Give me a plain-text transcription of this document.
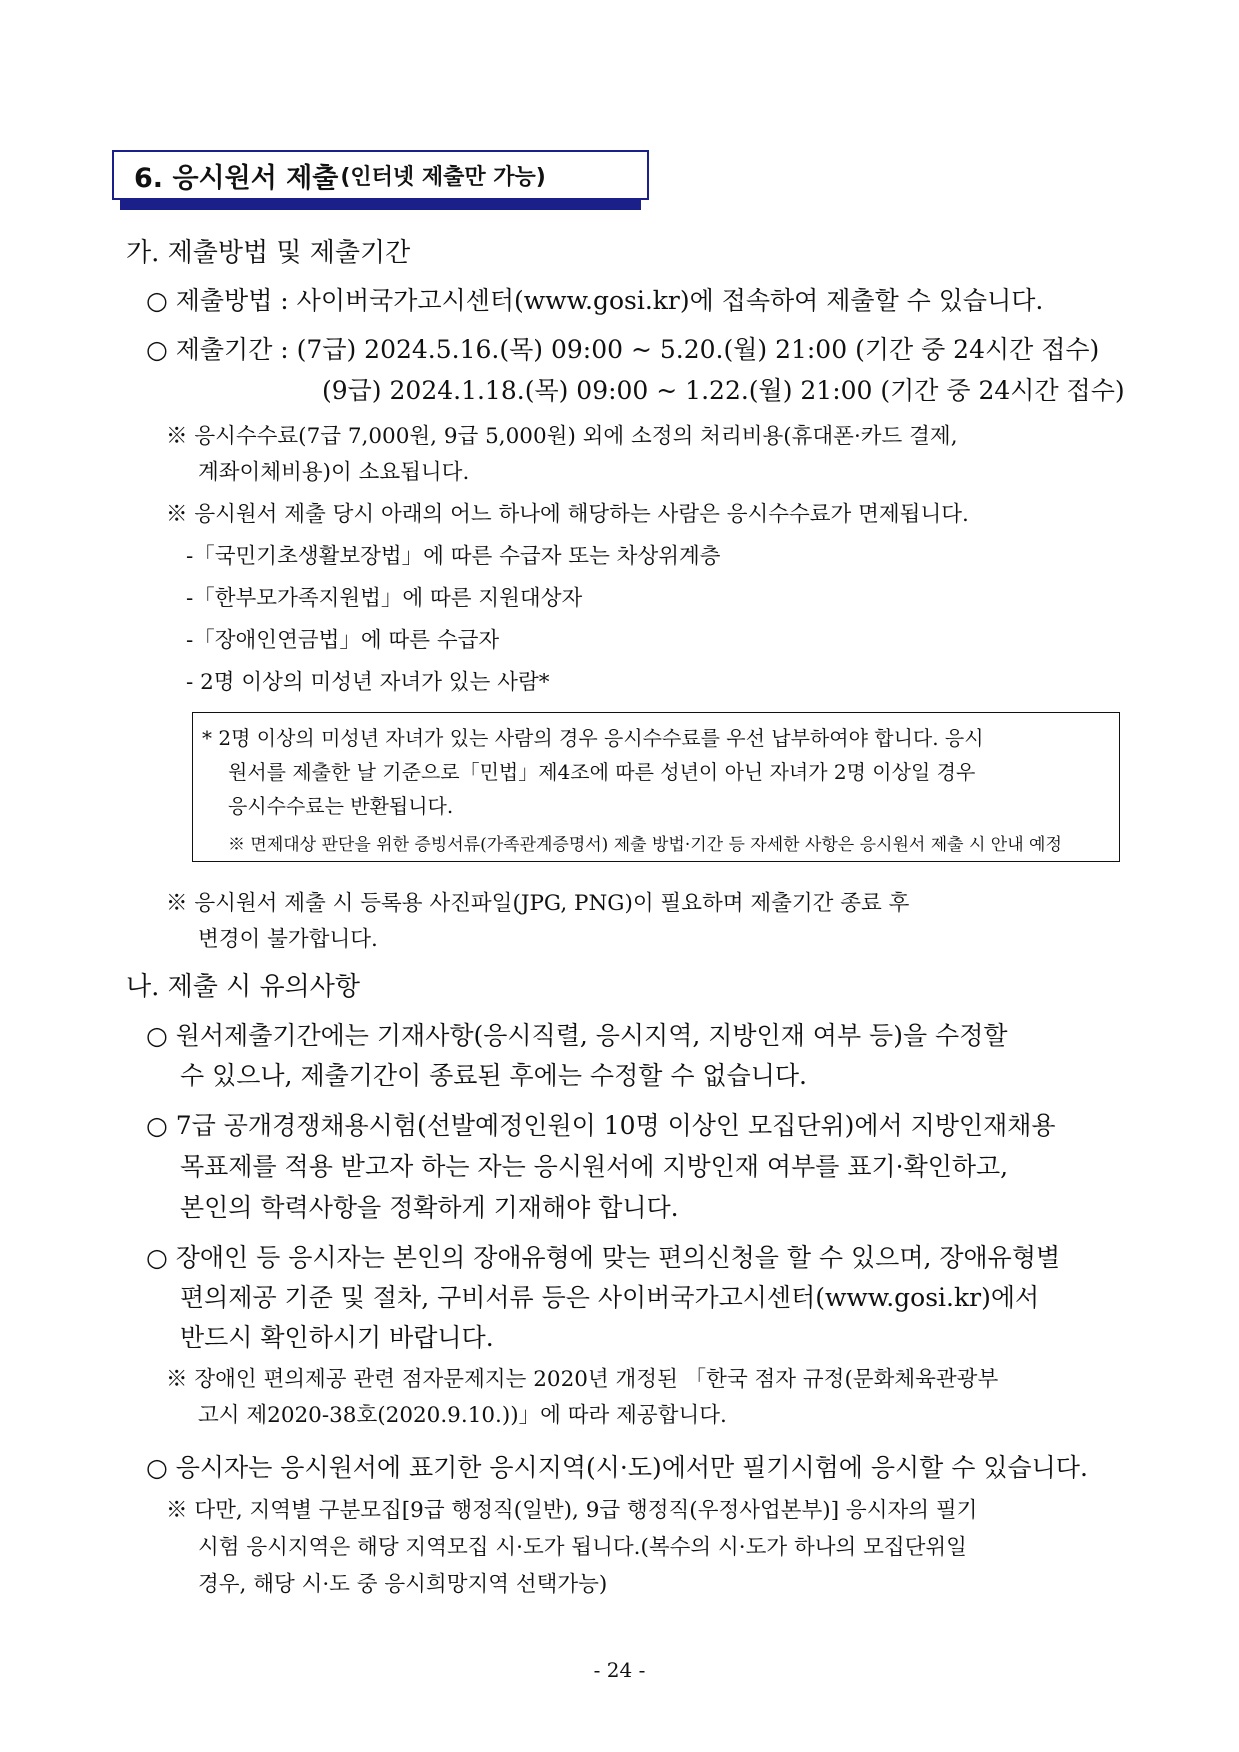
6. 응시원서 제출 (인터넷 제출만 가능)
가. 제출방법 및 제출기간
○ 제출방법 : 사이버국가고시센터(www.gosi.kr)에 접속하여 제출할 수 있습니다.
○ 제출기간 : (7급) 2024.5.16.(목) 09:00 ~ 5.20.(월) 21:00 (기간 중 24시간 접수)
(9급) 2024.1.18.(목) 09:00 ~ 1.22.(월) 21:00 (기간 중 24시간 접수)
※ 응시수수료(7급 7,000원, 9급 5,000원) 외에 소정의 처리비용(휴대폰·카드 결제,
계좌이체비용)이 소요됩니다.
※ 응시원서 제출 당시 아래의 어느 하나에 해당하는 사람은 응시수수료가 면제됩니다.
-「국민기초생활보장법」에 따른 수급자 또는 차상위계층
-「한부모가족지원법」에 따른 지원대상자
-「장애인연금법」에 따른 수급자
- 2명 이상의 미성년 자녀가 있는 사람*
* 2명 이상의 미성년 자녀가 있는 사람의 경우 응시수수료를 우선 납부하여야 합니다. 응시
원서를 제출한 날 기준으로「민법」제4조에 따른 성년이 아닌 자녀가 2명 이상일 경우
응시수수료는 반환됩니다.
※ 면제대상 판단을 위한 증빙서류(가족관계증명서) 제출 방법·기간 등 자세한 사항은 응시원서 제출 시 안내 예정
※ 응시원서 제출 시 등록용 사진파일(JPG, PNG)이 필요하며 제출기간 종료 후
변경이 불가합니다.
나. 제출 시 유의사항
○ 원서제출기간에는 기재사항(응시직렬, 응시지역, 지방인재 여부 등)을 수정할
수 있으나, 제출기간이 종료된 후에는 수정할 수 없습니다.
○ 7급 공개경쟁채용시험(선발예정인원이 10명 이상인 모집단위)에서 지방인재채용
목표제를 적용 받고자 하는 자는 응시원서에 지방인재 여부를 표기·확인하고,
본인의 학력사항을 정확하게 기재해야 합니다.
○ 장애인 등 응시자는 본인의 장애유형에 맞는 편의신청을 할 수 있으며, 장애유형별
편의제공 기준 및 절차, 구비서류 등은 사이버국가고시센터(www.gosi.kr)에서
반드시 확인하시기 바랍니다.
※ 장애인 편의제공 관련 점자문제지는 2020년 개정된 「한국 점자 규정(문화체육관광부
고시 제2020-38호(2020.9.10.))」에 따라 제공합니다.
○ 응시자는 응시원서에 표기한 응시지역(시·도)에서만 필기시험에 응시할 수 있습니다.
※ 다만, 지역별 구분모집[9급 행정직(일반), 9급 행정직(우정사업본부)] 응시자의 필기
시험 응시지역은 해당 지역모집 시·도가 됩니다.(복수의 시·도가 하나의 모집단위일
경우, 해당 시·도 중 응시희망지역 선택가능)
- 24 -
